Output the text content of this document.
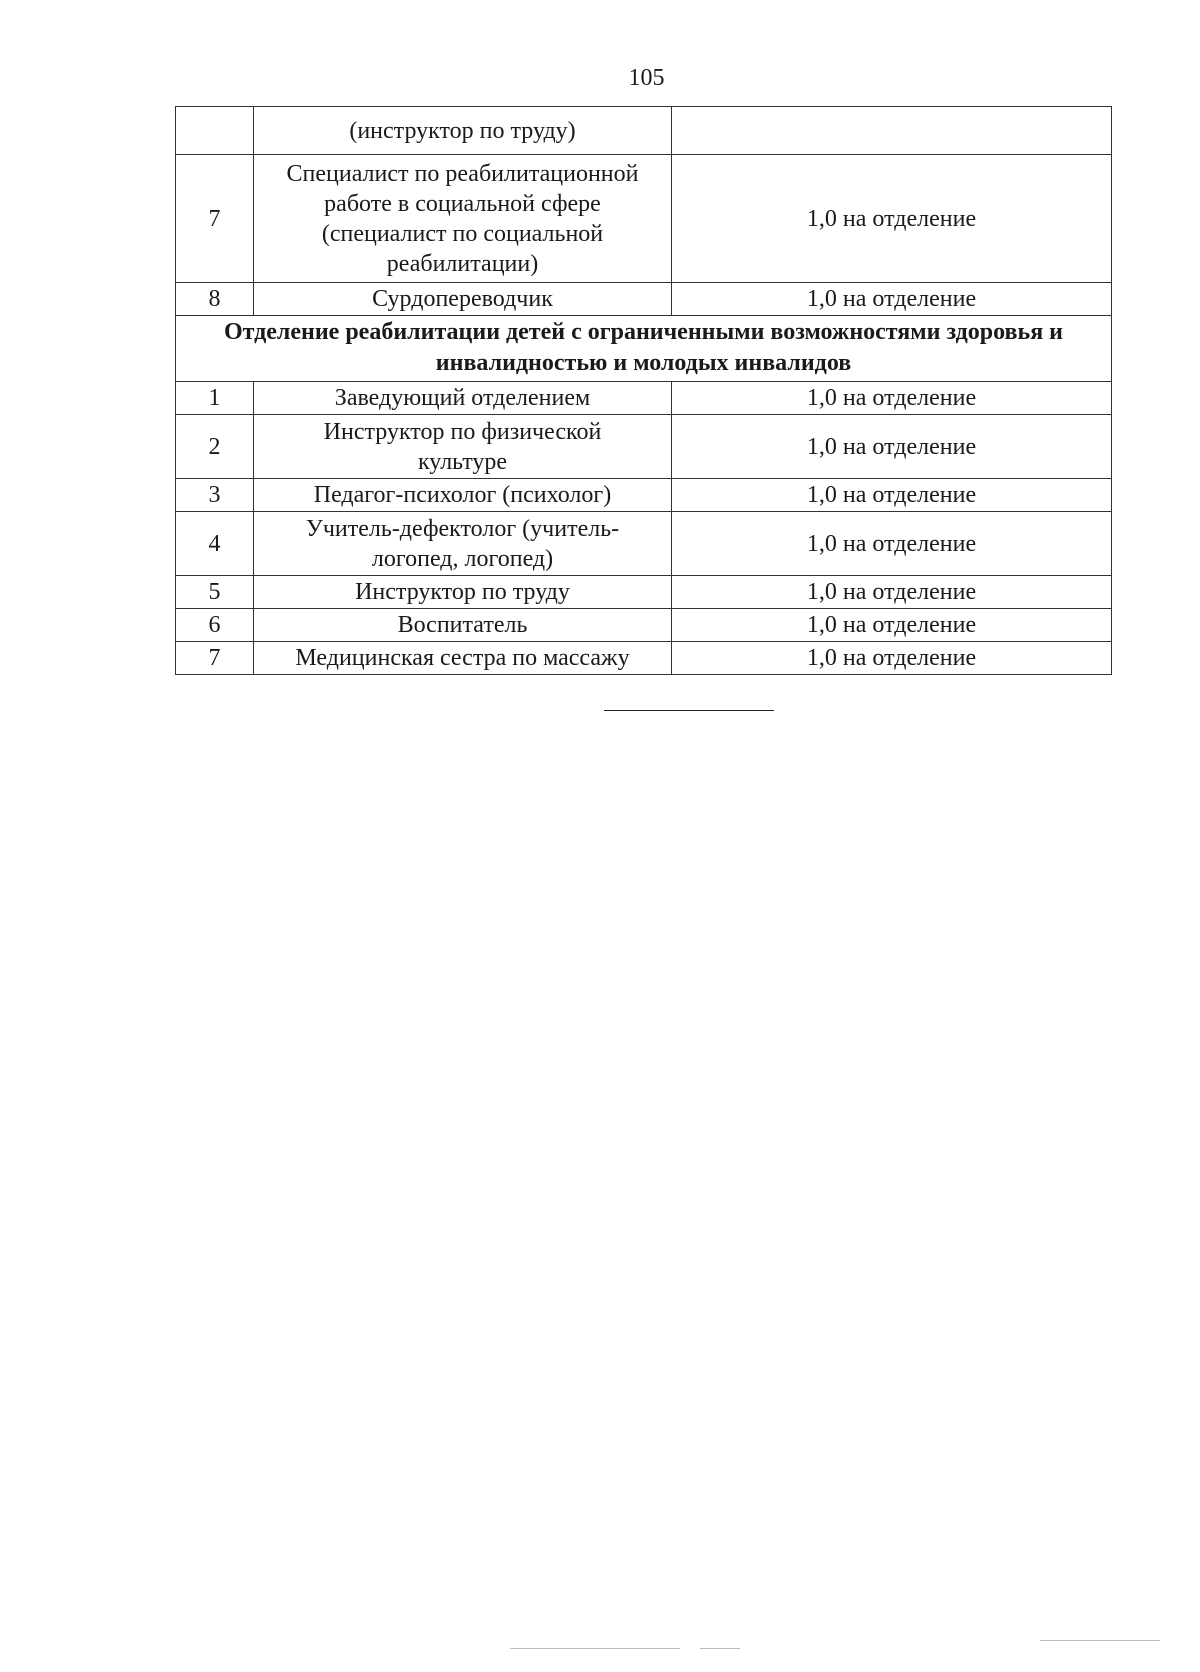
105
	(инструктор по труду)	
7	Специалист по реабилитационной работе в социальной сфере (специалист по социальной реабилитации)	1,0 на отделение
8	Сурдопереводчик	1,0 на отделение
Отделение реабилитации детей с ограниченными возможностями здоровья и инвалидностью и молодых инвалидов		
1	Заведующий отделением	1,0 на отделение
2	Инструктор по физической культуре	1,0 на отделение
3	Педагог-психолог (психолог)	1,0 на отделение
4	Учитель-дефектолог (учитель-логопед, логопед)	1,0 на отделение
5	Инструктор по труду	1,0 на отделение
6	Воспитатель	1,0 на отделение
7	Медицинская сестра по массажу	1,0 на отделение
